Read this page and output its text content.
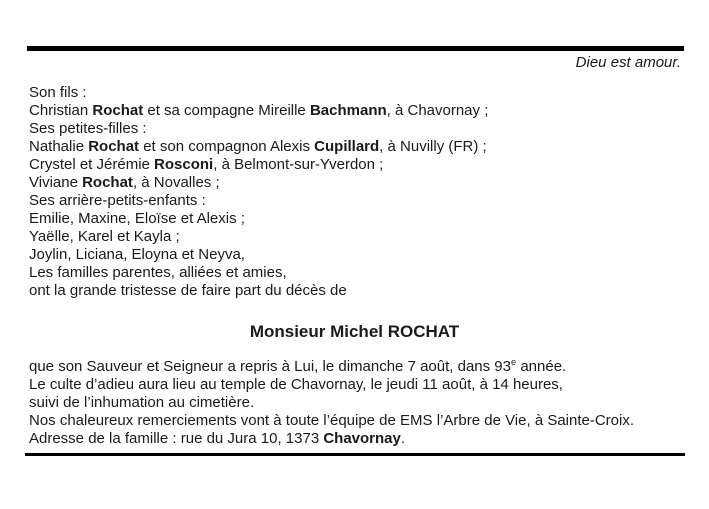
Dieu est amour.
Son fils :
Christian Rochat et sa compagne Mireille Bachmann, à Chavornay ;
Ses petites-filles :
Nathalie Rochat et son compagnon Alexis Cupillard, à Nuvilly (FR) ;
Crystel et Jérémie Rosconi, à Belmont-sur-Yverdon ;
Viviane Rochat, à Novalles ;
Ses arrière-petits-enfants :
Emilie, Maxine, Eloïse et Alexis ;
Yaëlle, Karel et Kayla ;
Joylin, Liciana, Eloyna et Neyva,
Les familles parentes, alliées et amies,
ont la grande tristesse de faire part du décès de
Monsieur Michel ROCHAT
que son Sauveur et Seigneur a repris à Lui, le dimanche 7 août, dans 93e année.
Le culte d’adieu aura lieu au temple de Chavornay, le jeudi 11 août, à 14 heures,
suivi de l’inhumation au cimetière.
Nos chaleureux remerciements vont à toute l’équipe de EMS l’Arbre de Vie, à Sainte-Croix.
Adresse de la famille : rue du Jura 10, 1373 Chavornay.
